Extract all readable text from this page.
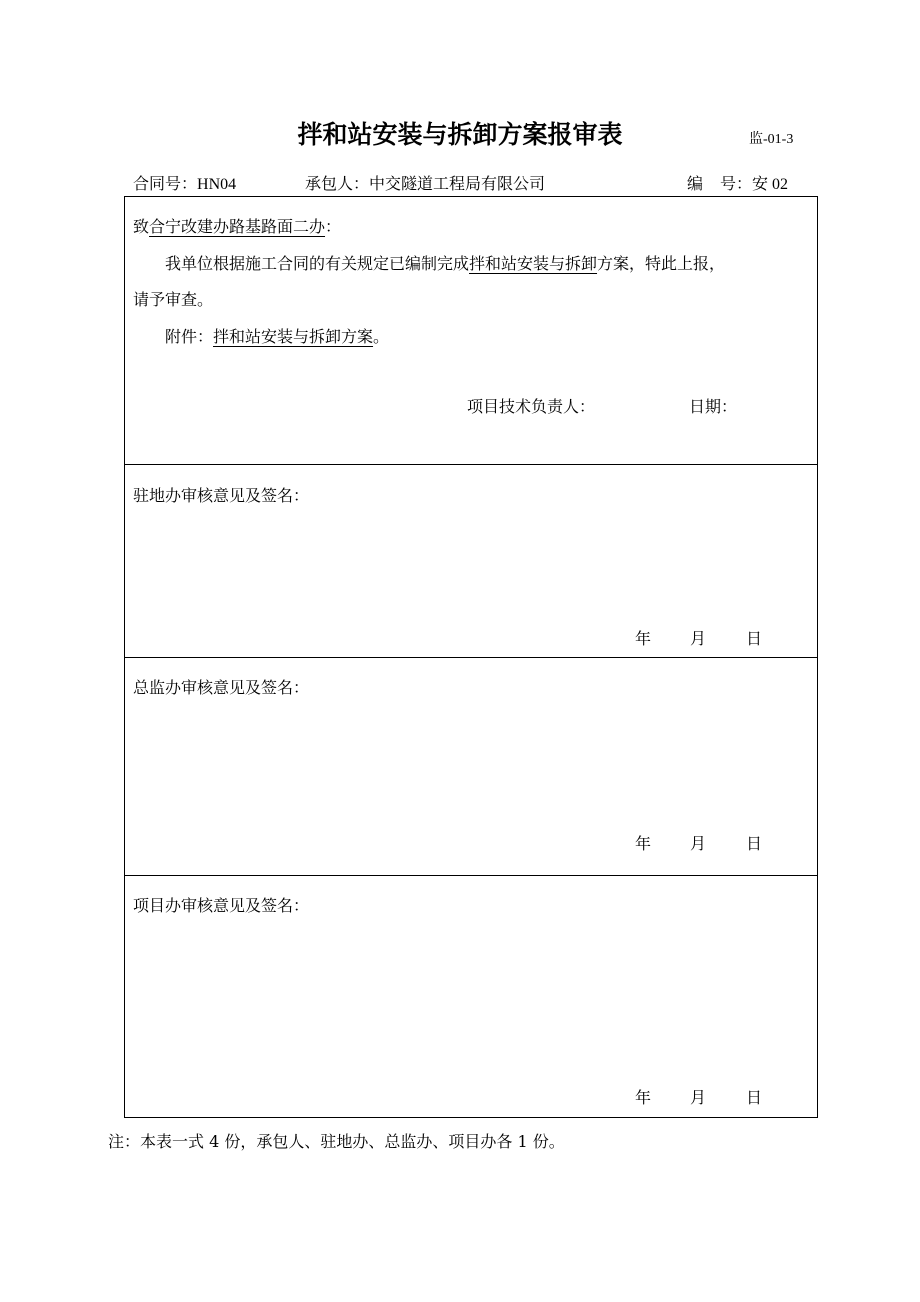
拌和站安装与拆卸方案报审表	监-01-3
合同号：HN04	承包人：中交隧道工程局有限公司	编 号：安 02
致合宁改建办路基路面二办：
我单位根据施工合同的有关规定已编制完成拌和站安装与拆卸方案，特此上报，
请予审查。
附件：拌和站安装与拆卸方案。
项目技术负责人：	日期：
驻地办审核意见及签名：
年 月 日
总监办审核意见及签名：
年 月 日
项目办审核意见及签名：
年 月 日
注：本表一式 4 份，承包人、驻地办、总监办、项目办各 1 份。
